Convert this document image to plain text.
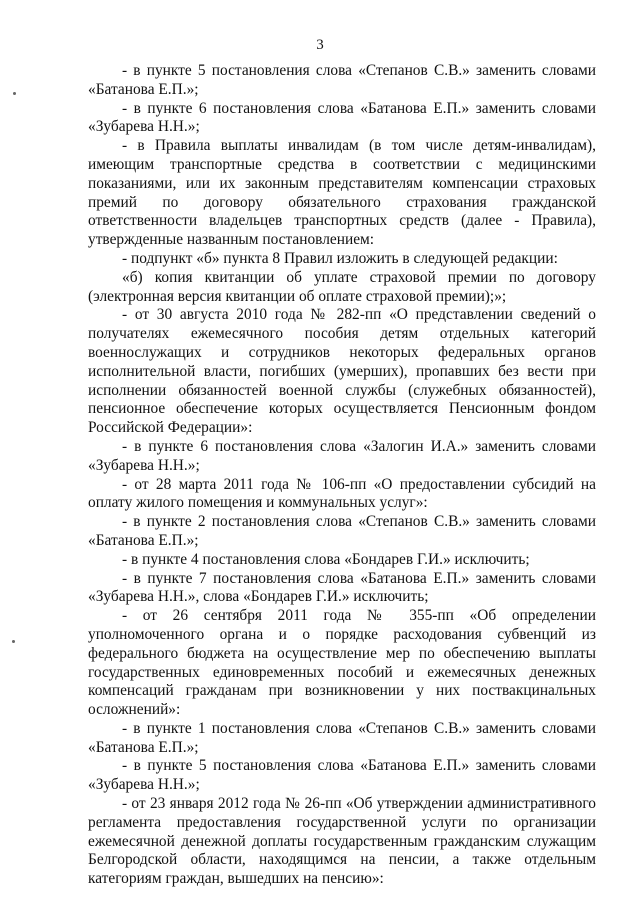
3

- в пункте 5 постановления слова «Степанов С.В.» заменить словами «Батанова Е.П.»;

- в пункте 6 постановления слова «Батанова Е.П.» заменить словами «Зубарева Н.Н.»;

- в Правила выплаты инвалидам (в том числе детям-инвалидам), имеющим транспортные средства в соответствии с медицинскими показаниями, или их законным представителям компенсации страховых премий по договору обязательного страхования гражданской ответственности владельцев транспортных средств (далее - Правила), утвержденные названным постановлением:

- подпункт «б» пункта 8 Правил изложить в следующей редакции:

«б) копия квитанции об уплате страховой премии по договору (электронная версия квитанции об оплате страховой премии);»;

- от 30 августа 2010 года № 282-пп «О представлении сведений о получателях ежемесячного пособия детям отдельных категорий военнослужащих и сотрудников некоторых федеральных органов исполнительной власти, погибших (умерших), пропавших без вести при исполнении обязанностей военной службы (служебных обязанностей), пенсионное обеспечение которых осуществляется Пенсионным фондом Российской Федерации»:

- в пункте 6 постановления слова «Залогин И.А.» заменить словами «Зубарева Н.Н.»;

- от 28 марта 2011 года № 106-пп «О предоставлении субсидий на оплату жилого помещения и коммунальных услуг»:

- в пункте 2 постановления слова «Степанов С.В.» заменить словами «Батанова Е.П.»;

- в пункте 4 постановления слова «Бондарев Г.И.» исключить;

- в пункте 7 постановления слова «Батанова Е.П.» заменить словами «Зубарева Н.Н.», слова «Бондарев Г.И.» исключить;

- от 26 сентября 2011 года № 355-пп «Об определении уполномоченного органа и о порядке расходования субвенций из федерального бюджета на осуществление мер по обеспечению выплаты государственных единовременных пособий и ежемесячных денежных компенсаций гражданам при возникновении у них поствакцинальных осложнений»:

- в пункте 1 постановления слова «Степанов С.В.» заменить словами «Батанова Е.П.»;

- в пункте 5 постановления слова «Батанова Е.П.» заменить словами «Зубарева Н.Н.»;

- от 23 января 2012 года № 26-пп «Об утверждении административного регламента предоставления государственной услуги по организации ежемесячной денежной доплаты государственным гражданским служащим Белгородской области, находящимся на пенсии, а также отдельным категориям граждан, вышедших на пенсию»:
